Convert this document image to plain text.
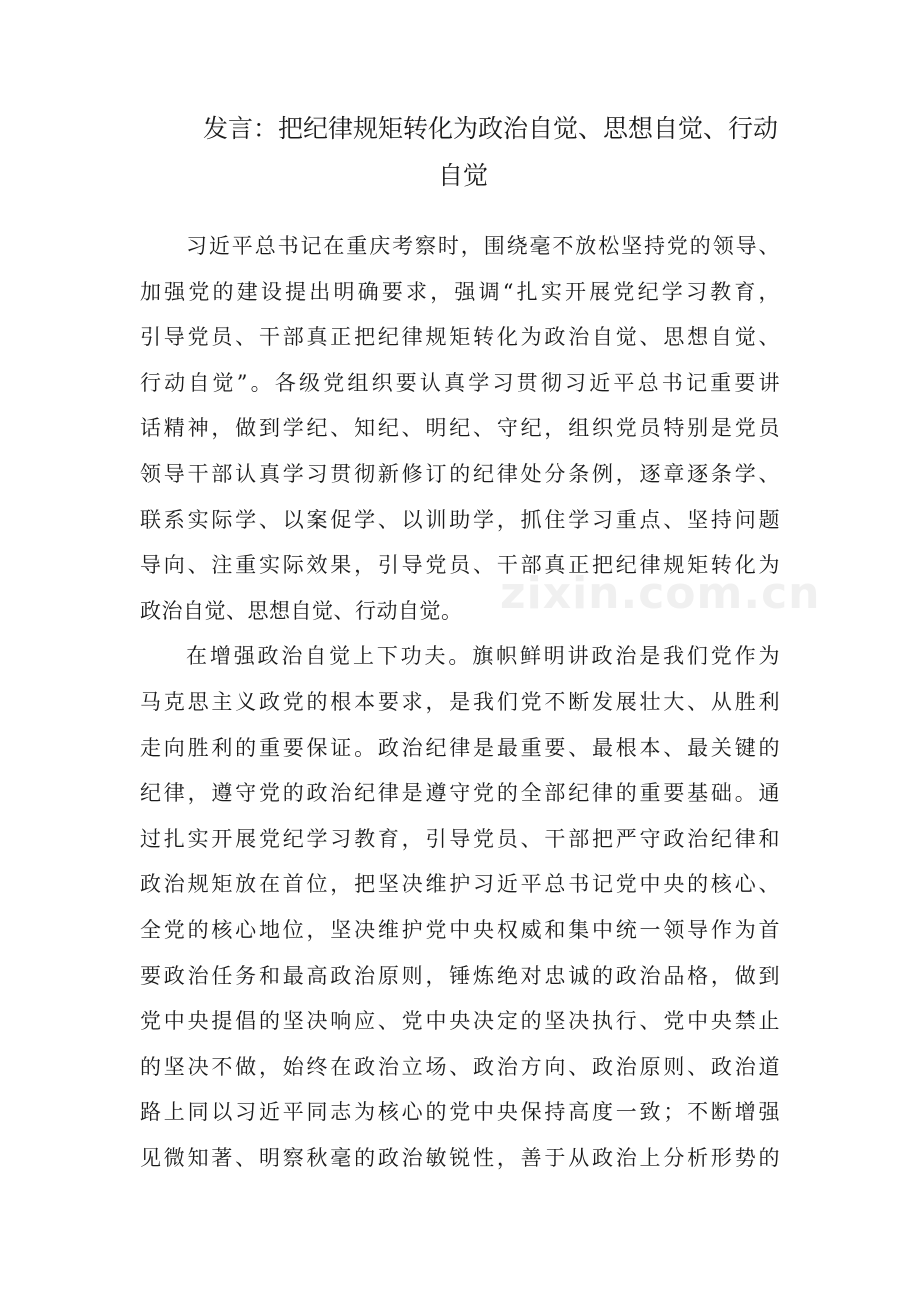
发言：把纪律规矩转化为政治自觉、思想自觉、行动
自觉
zixin.com.cn
习近平总书记在重庆考察时，围绕毫不放松坚持党的领导、
加强党的建设提出明确要求，强调“扎实开展党纪学习教育，
引导党员、干部真正把纪律规矩转化为政治自觉、思想自觉、
行动自觉”。各级党组织要认真学习贯彻习近平总书记重要讲
话精神，做到学纪、知纪、明纪、守纪，组织党员特别是党员
领导干部认真学习贯彻新修订的纪律处分条例，逐章逐条学、
联系实际学、以案促学、以训助学，抓住学习重点、坚持问题
导向、注重实际效果，引导党员、干部真正把纪律规矩转化为
政治自觉、思想自觉、行动自觉。
在增强政治自觉上下功夫。旗帜鲜明讲政治是我们党作为
马克思主义政党的根本要求，是我们党不断发展壮大、从胜利
走向胜利的重要保证。政治纪律是最重要、最根本、最关键的
纪律，遵守党的政治纪律是遵守党的全部纪律的重要基础。通
过扎实开展党纪学习教育，引导党员、干部把严守政治纪律和
政治规矩放在首位，把坚决维护习近平总书记党中央的核心、
全党的核心地位，坚决维护党中央权威和集中统一领导作为首
要政治任务和最高政治原则，锤炼绝对忠诚的政治品格，做到
党中央提倡的坚决响应、党中央决定的坚决执行、党中央禁止
的坚决不做，始终在政治立场、政治方向、政治原则、政治道
路上同以习近平同志为核心的党中央保持高度一致；不断增强
见微知著、明察秋毫的政治敏锐性，善于从政治上分析形势的
